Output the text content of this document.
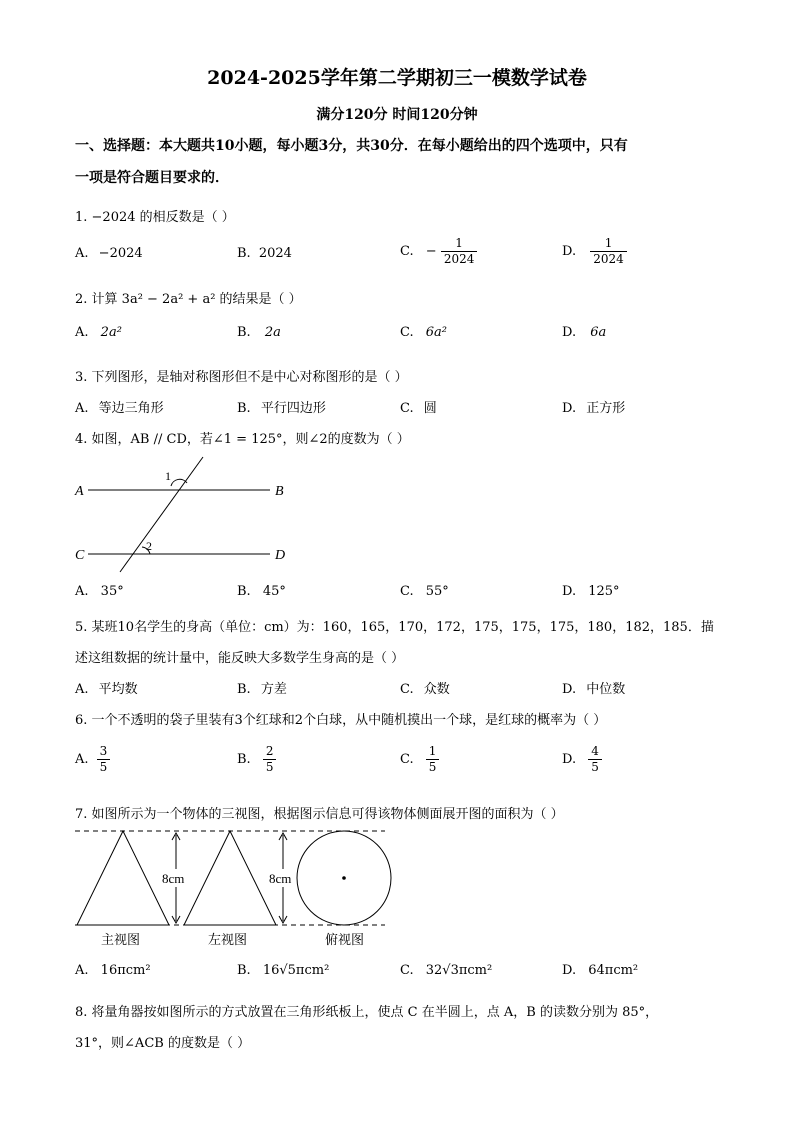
2024-2025学年第二学期初三一模数学试卷
满分120分 时间120分钟
一、选择题：本大题共10小题，每小题3分，共30分．在每小题给出的四个选项中，只有
一项是符合题目要求的．
1. −2024 的相反数是（ ）
A. −2024	B. 2024	C. − $\frac{1}{2024}$	D. $\frac{1}{2024}$
2. 计算 3a² − 2a² + a² 的结果是（ ）
A. 2a²	B. 2a	C. 6a²	D. 6a
3. 下列图形，是轴对称图形但不是中心对称图形的是（ ）
A. 等边三角形	B. 平行四边形	C. 圆	D. 正方形
4. 如图，AB // CD，若∠1 = 125°，则∠2的度数为（ ）
A	B
C	D
1
2
A. 35°	B. 45°	C. 55°	D. 125°
5. 某班10名学生的身高（单位：cm）为：160，165，170，172，175，175，175，180，182，185．描
述这组数据的统计量中，能反映大多数学生身高的是（ ）
A. 平均数	B. 方差	C. 众数	D. 中位数
6. 一个不透明的袋子里装有3个红球和2个白球，从中随机摸出一个球，是红球的概率为（ ）
A. $\frac{3}{5}$	B. $\frac{2}{5}$	C. $\frac{1}{5}$	D. $\frac{4}{5}$
7. 如图所示为一个物体的三视图，根据图示信息可得该物体侧面展开图的面积为（ ）
8cm	8cm
主视图	左视图	俯视图
A. 16πcm²	B. 16√5πcm²	C. 32√3πcm²	D. 64πcm²
8. 将量角器按如图所示的方式放置在三角形纸板上，使点 C 在半圆上，点 A，B 的读数分别为 85°，
31°，则∠ACB 的度数是（ ）
